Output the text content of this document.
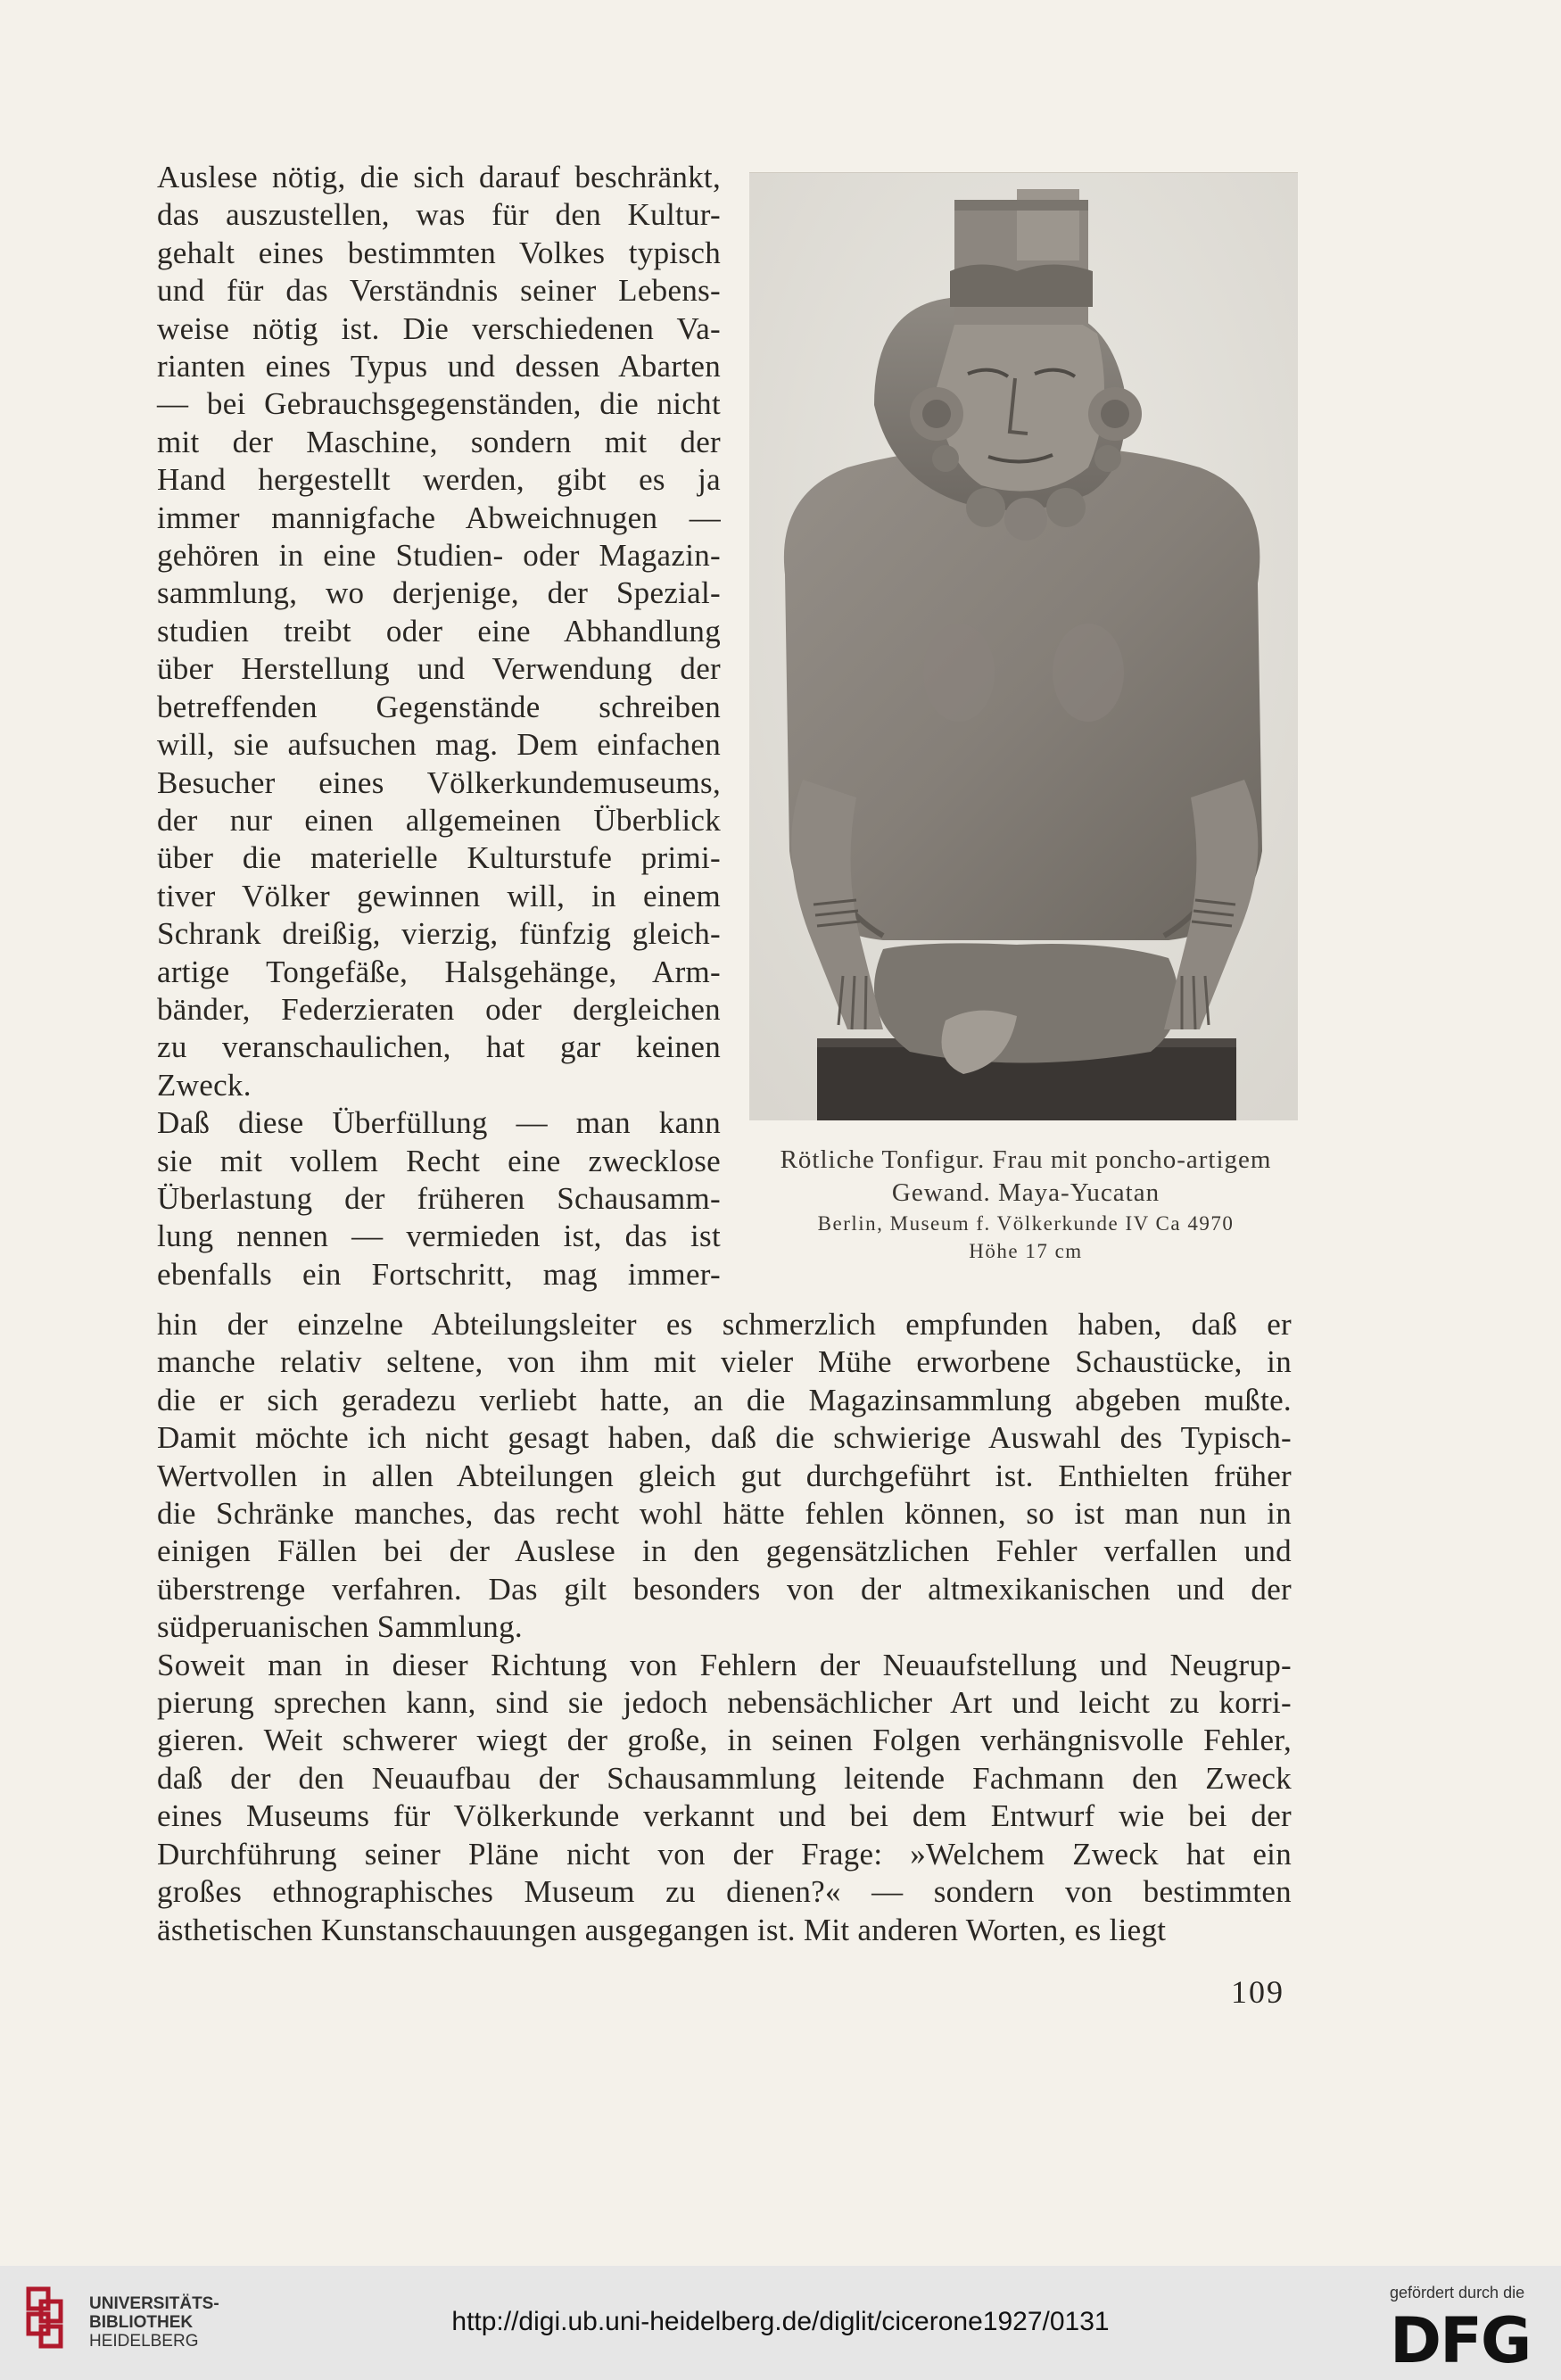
Auslese nötig, die sich darauf beschränkt,
das auszustellen, was für den Kultur-
gehalt eines bestimmten Volkes typisch
und für das Verständnis seiner Lebens-
weise nötig ist. Die verschiedenen Va-
rianten eines Typus und dessen Abarten
— bei Gebrauchsgegenständen, die nicht
mit der Maschine, sondern mit der
Hand hergestellt werden, gibt es ja
immer mannigfache Abweichnugen —
gehören in eine Studien- oder Magazin-
sammlung, wo derjenige, der Spezial-
studien treibt oder eine Abhandlung
über Herstellung und Verwendung der
betreffenden Gegenstände schreiben
will, sie aufsuchen mag. Dem einfachen
Besucher eines Völkerkundemuseums,
der nur einen allgemeinen Überblick
über die materielle Kulturstufe primi-
tiver Völker gewinnen will, in einem
Schrank dreißig, vierzig, fünfzig gleich-
artige Tongefäße, Halsgehänge, Arm-
bänder, Federzieraten oder dergleichen
zu veranschaulichen, hat gar keinen
Zweck.
Daß diese Überfüllung — man kann
sie mit vollem Recht eine zwecklose
Überlastung der früheren Schausamm-
lung nennen — vermieden ist, das ist
ebenfalls ein Fortschritt, mag immer-
Rötliche Tonfigur. Frau mit poncho-artigem
Gewand. Maya-Yucatan
Berlin, Museum f. Völkerkunde IV Ca 4970
Höhe 17 cm
hin der einzelne Abteilungsleiter es schmerzlich empfunden haben, daß er
manche relativ seltene, von ihm mit vieler Mühe erworbene Schaustücke, in
die er sich geradezu verliebt hatte, an die Magazinsammlung abgeben mußte.
Damit möchte ich nicht gesagt haben, daß die schwierige Auswahl des Typisch-
Wertvollen in allen Abteilungen gleich gut durchgeführt ist. Enthielten früher
die Schränke manches, das recht wohl hätte fehlen können, so ist man nun in
einigen Fällen bei der Auslese in den gegensätzlichen Fehler verfallen und
überstrenge verfahren. Das gilt besonders von der altmexikanischen und der
südperuanischen Sammlung.
Soweit man in dieser Richtung von Fehlern der Neuaufstellung und Neugrup-
pierung sprechen kann, sind sie jedoch nebensächlicher Art und leicht zu korri-
gieren. Weit schwerer wiegt der große, in seinen Folgen verhängnisvolle Fehler,
daß der den Neuaufbau der Schausammlung leitende Fachmann den Zweck
eines Museums für Völkerkunde verkannt und bei dem Entwurf wie bei der
Durchführung seiner Pläne nicht von der Frage: »Welchem Zweck hat ein
großes ethnographisches Museum zu dienen?« — sondern von bestimmten
ästhetischen Kunstanschauungen ausgegangen ist. Mit anderen Worten, es liegt
109
UNIVERSITÄTS-
BIBLIOTHEK
HEIDELBERG
http://digi.ub.uni-heidelberg.de/diglit/cicerone1927/0131
gefördert durch die
DFG
